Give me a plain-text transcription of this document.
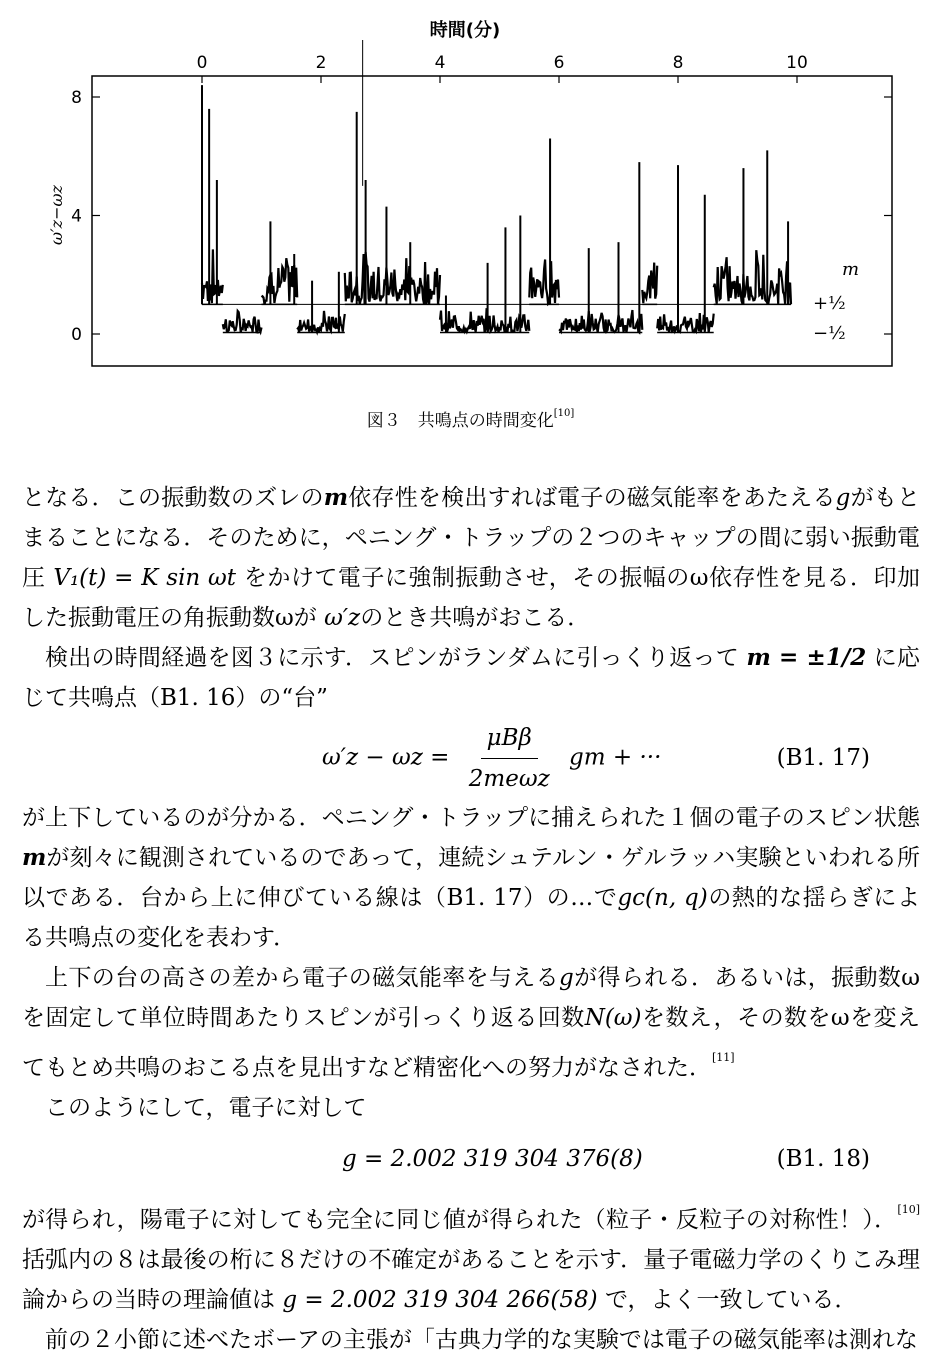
時間(分)
0	2	4	6	8	10
0
4
8
ω′z−ωz
m
+½
−½
図３　共鳴点の時間変化[10]

となる．この振動数のズレのm依存性を検出すれば電子の磁気能率をあたえるgがもとまることになる．そのために，ペニング・トラップの２つのキャップの間に弱い振動電圧 V₁(t) = K sin ωt をかけて電子に強制振動させ，その振幅のω依存性を見る．印加した振動電圧の角振動数ωが ω′zのとき共鳴がおこる．

検出の時間経過を図３に示す．スピンがランダムに引っくり返って m = ±1/2 に応じて共鳴点（B1. 16）の“台”

$\omega'z - \omega z = \frac{\text{μBβ}}{\text{2meωz}}$ gm + ···	(B1. 17)

が上下しているのが分かる．ペニング・トラップに捕えられた１個の電子のスピン状態mが刻々に観測されているのであって，連続シュテルン・ゲルラッハ実験といわれる所以である．台から上に伸びている線は（B1. 17）の…でgc(n, q)の熱的な揺らぎによる共鳴点の変化を表わす．

上下の台の高さの差から電子の磁気能率を与えるgが得られる．あるいは，振動数ωを固定して単位時間あたりスピンが引っくり返る回数N(ω)を数え，その数をωを変えてもとめ共鳴のおこる点を見出すなど精密化への努力がなされた．[11]

このようにして，電子に対して

g = 2.002 319 304 376(8)	(B1. 18)

が得られ，陽電子に対しても完全に同じ値が得られた（粒子・反粒子の対称性！）．[10]括弧内の８は最後の桁に８だけの不確定があることを示す．量子電磁力学のくりこみ理論からの当時の理論値は g = 2.002 319 304 266(58) で，よく一致している．

前の２小節に述べたボーアの主張が「古典力学的な実験では電子の磁気能率は測れな
